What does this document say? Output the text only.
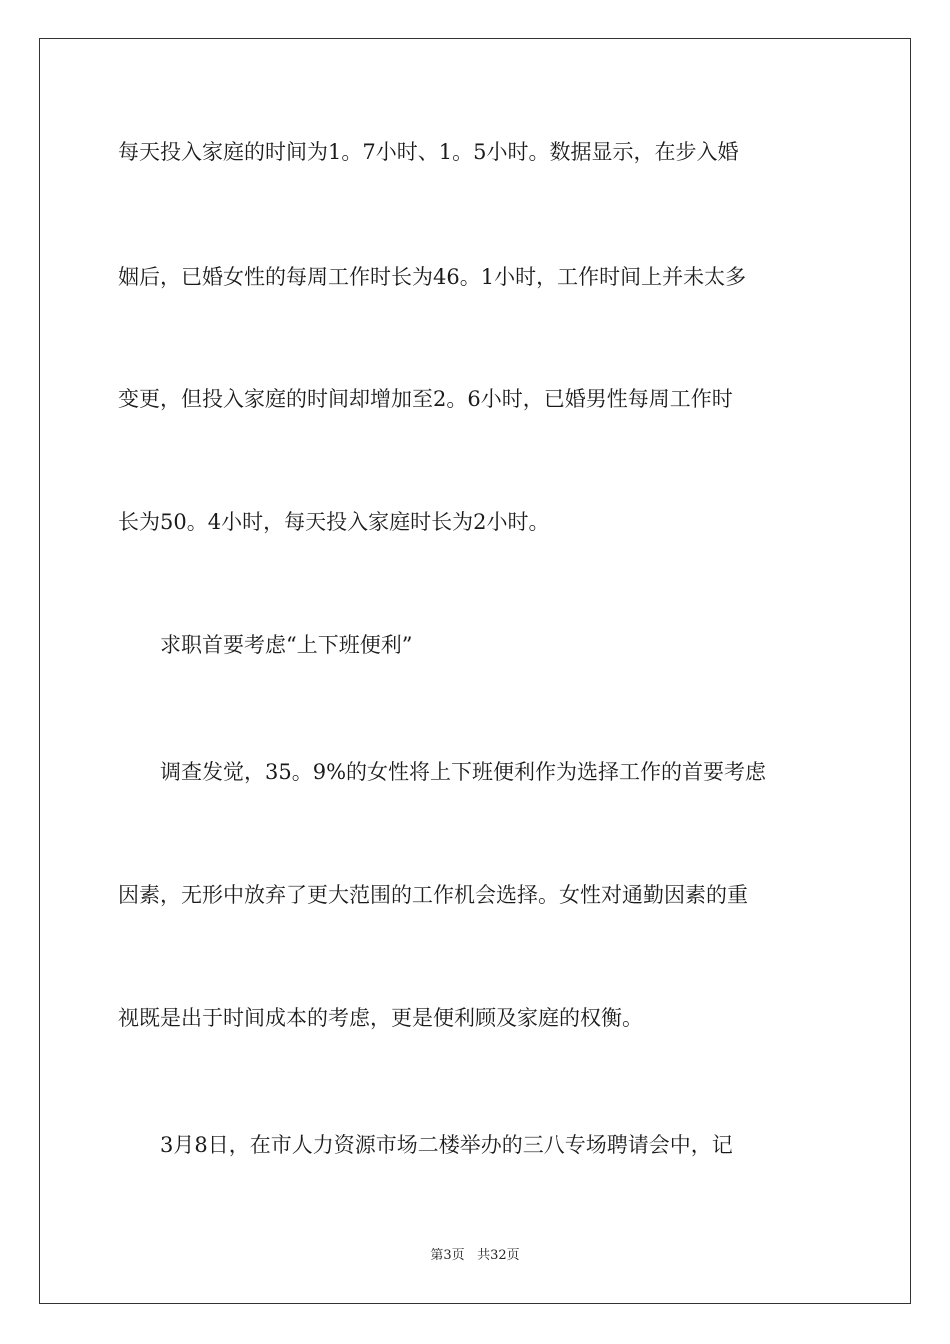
每天投入家庭的时间为1。7小时、1。5小时。数据显示，在步入婚
姻后，已婚女性的每周工作时长为46。1小时，工作时间上并未太多
变更，但投入家庭的时间却增加至2。6小时，已婚男性每周工作时
长为50。4小时，每天投入家庭时长为2小时。
　　求职首要考虑“上下班便利”
　　调查发觉，35。9%的女性将上下班便利作为选择工作的首要考虑
因素，无形中放弃了更大范围的工作机会选择。女性对通勤因素的重
视既是出于时间成本的考虑，更是便利顾及家庭的权衡。
　　3月8日，在市人力资源市场二楼举办的三八专场聘请会中，记
第3页 共32页
